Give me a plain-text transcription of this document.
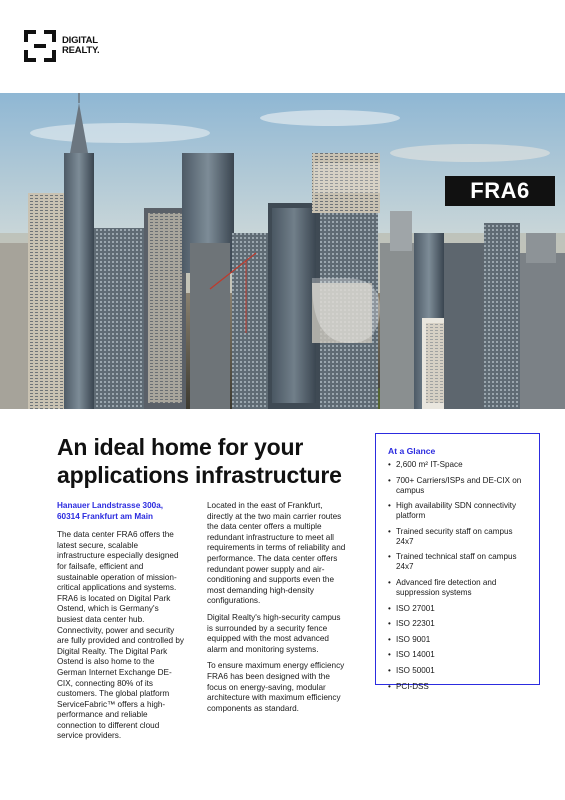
DIGITAL
REALTY.
FRA6
An ideal home for your applications infrastructure
Hanauer Landstrasse 300a,
60314 Frankfurt am Main

The data center FRA6 offers the latest secure, scalable infrastructure especially designed for failsafe, efficient and sustainable operation of mission-critical applications and systems. FRA6 is located on Digital Park Ostend, which is Germany's busiest data center hub. Connectivity, power and security are fully provided and controlled by Digital Realty. The Digital Park Ostend is also home to the German Internet Exchange DE-CIX, connecting 80% of its customers. The global platform ServiceFabric™ offers a high-performance and reliable connection to different cloud service providers.

Located in the east of Frankfurt, directly at the two main carrier routes the data center offers a multiple redundant infrastructure to meet all requirements in terms of reliability and performance. The data center offers redundant power supply and air-conditioning and supports even the most demanding high-density configurations.

Digital Realty's high-security campus is surrounded by a security fence equipped with the most advanced alarm and monitoring systems.

To ensure maximum energy efficiency FRA6 has been designed with the focus on energy-saving, modular architecture with maximum efficiency components as standard.

At a Glance
• 2,600 m² IT-Space
• 700+ Carriers/ISPs and DE-CIX on campus
• High availability SDN connectivity platform
• Trained security staff on campus 24x7
• Trained technical staff on campus 24x7
• Advanced fire detection and suppression systems
• ISO 27001
• ISO 22301
• ISO 9001
• ISO 14001
• ISO 50001
• PCI-DSS
